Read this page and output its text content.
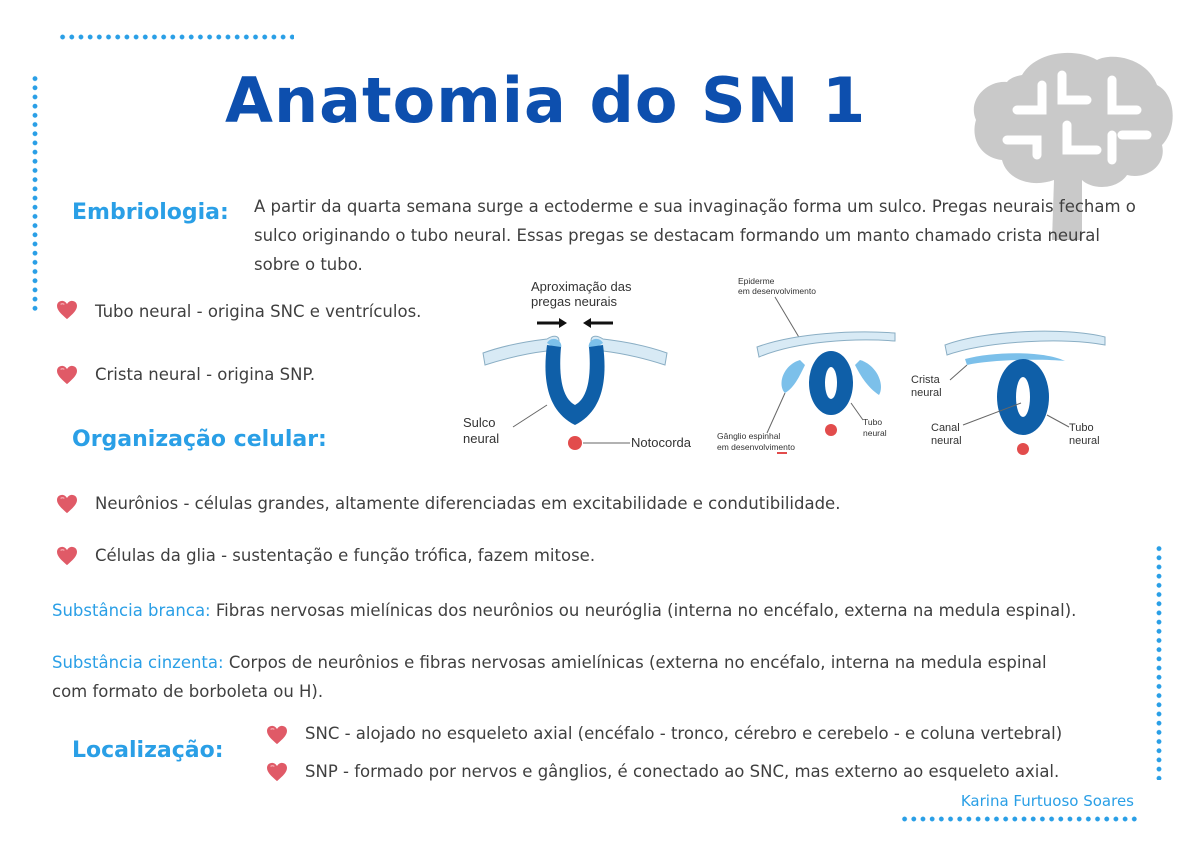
Anatomia do SN 1
Embriologia: A partir da quarta semana surge a ectoderme e sua invaginação forma um sulco. Pregas neurais fecham o
sulco originando o tubo neural. Essas pregas se destacam formando um manto chamado crista neural
sobre o tubo.
Tubo neural - origina SNC e ventrículos.
Crista neural - origina SNP.
Aproximação das
pregas neurais
Notocorda
Sulco
neural
Epiderme
em desenvolvimento
Gânglio espinhal
em desenvolvimento
Tubo
neural
Crista
neural
Canal
neural
Tubo
neural
Organização celular:
Neurônios - células grandes, altamente diferenciadas em excitabilidade e condutibilidade.
Células da glia - sustentação e função trófica, fazem mitose.
Substância branca: Fibras nervosas mielínicas dos neurônios ou neuróglia (interna no encéfalo, externa na medula espinal).
Substância cinzenta: Corpos de neurônios e fibras nervosas amielínicas (externa no encéfalo, interna na medula espinal
com formato de borboleta ou H).
Localização:
SNC - alojado no esqueleto axial (encéfalo - tronco, cérebro e cerebelo - e coluna vertebral)
SNP - formado por nervos e gânglios, é conectado ao SNC, mas externo ao esqueleto axial.
Karina Furtuoso Soares
